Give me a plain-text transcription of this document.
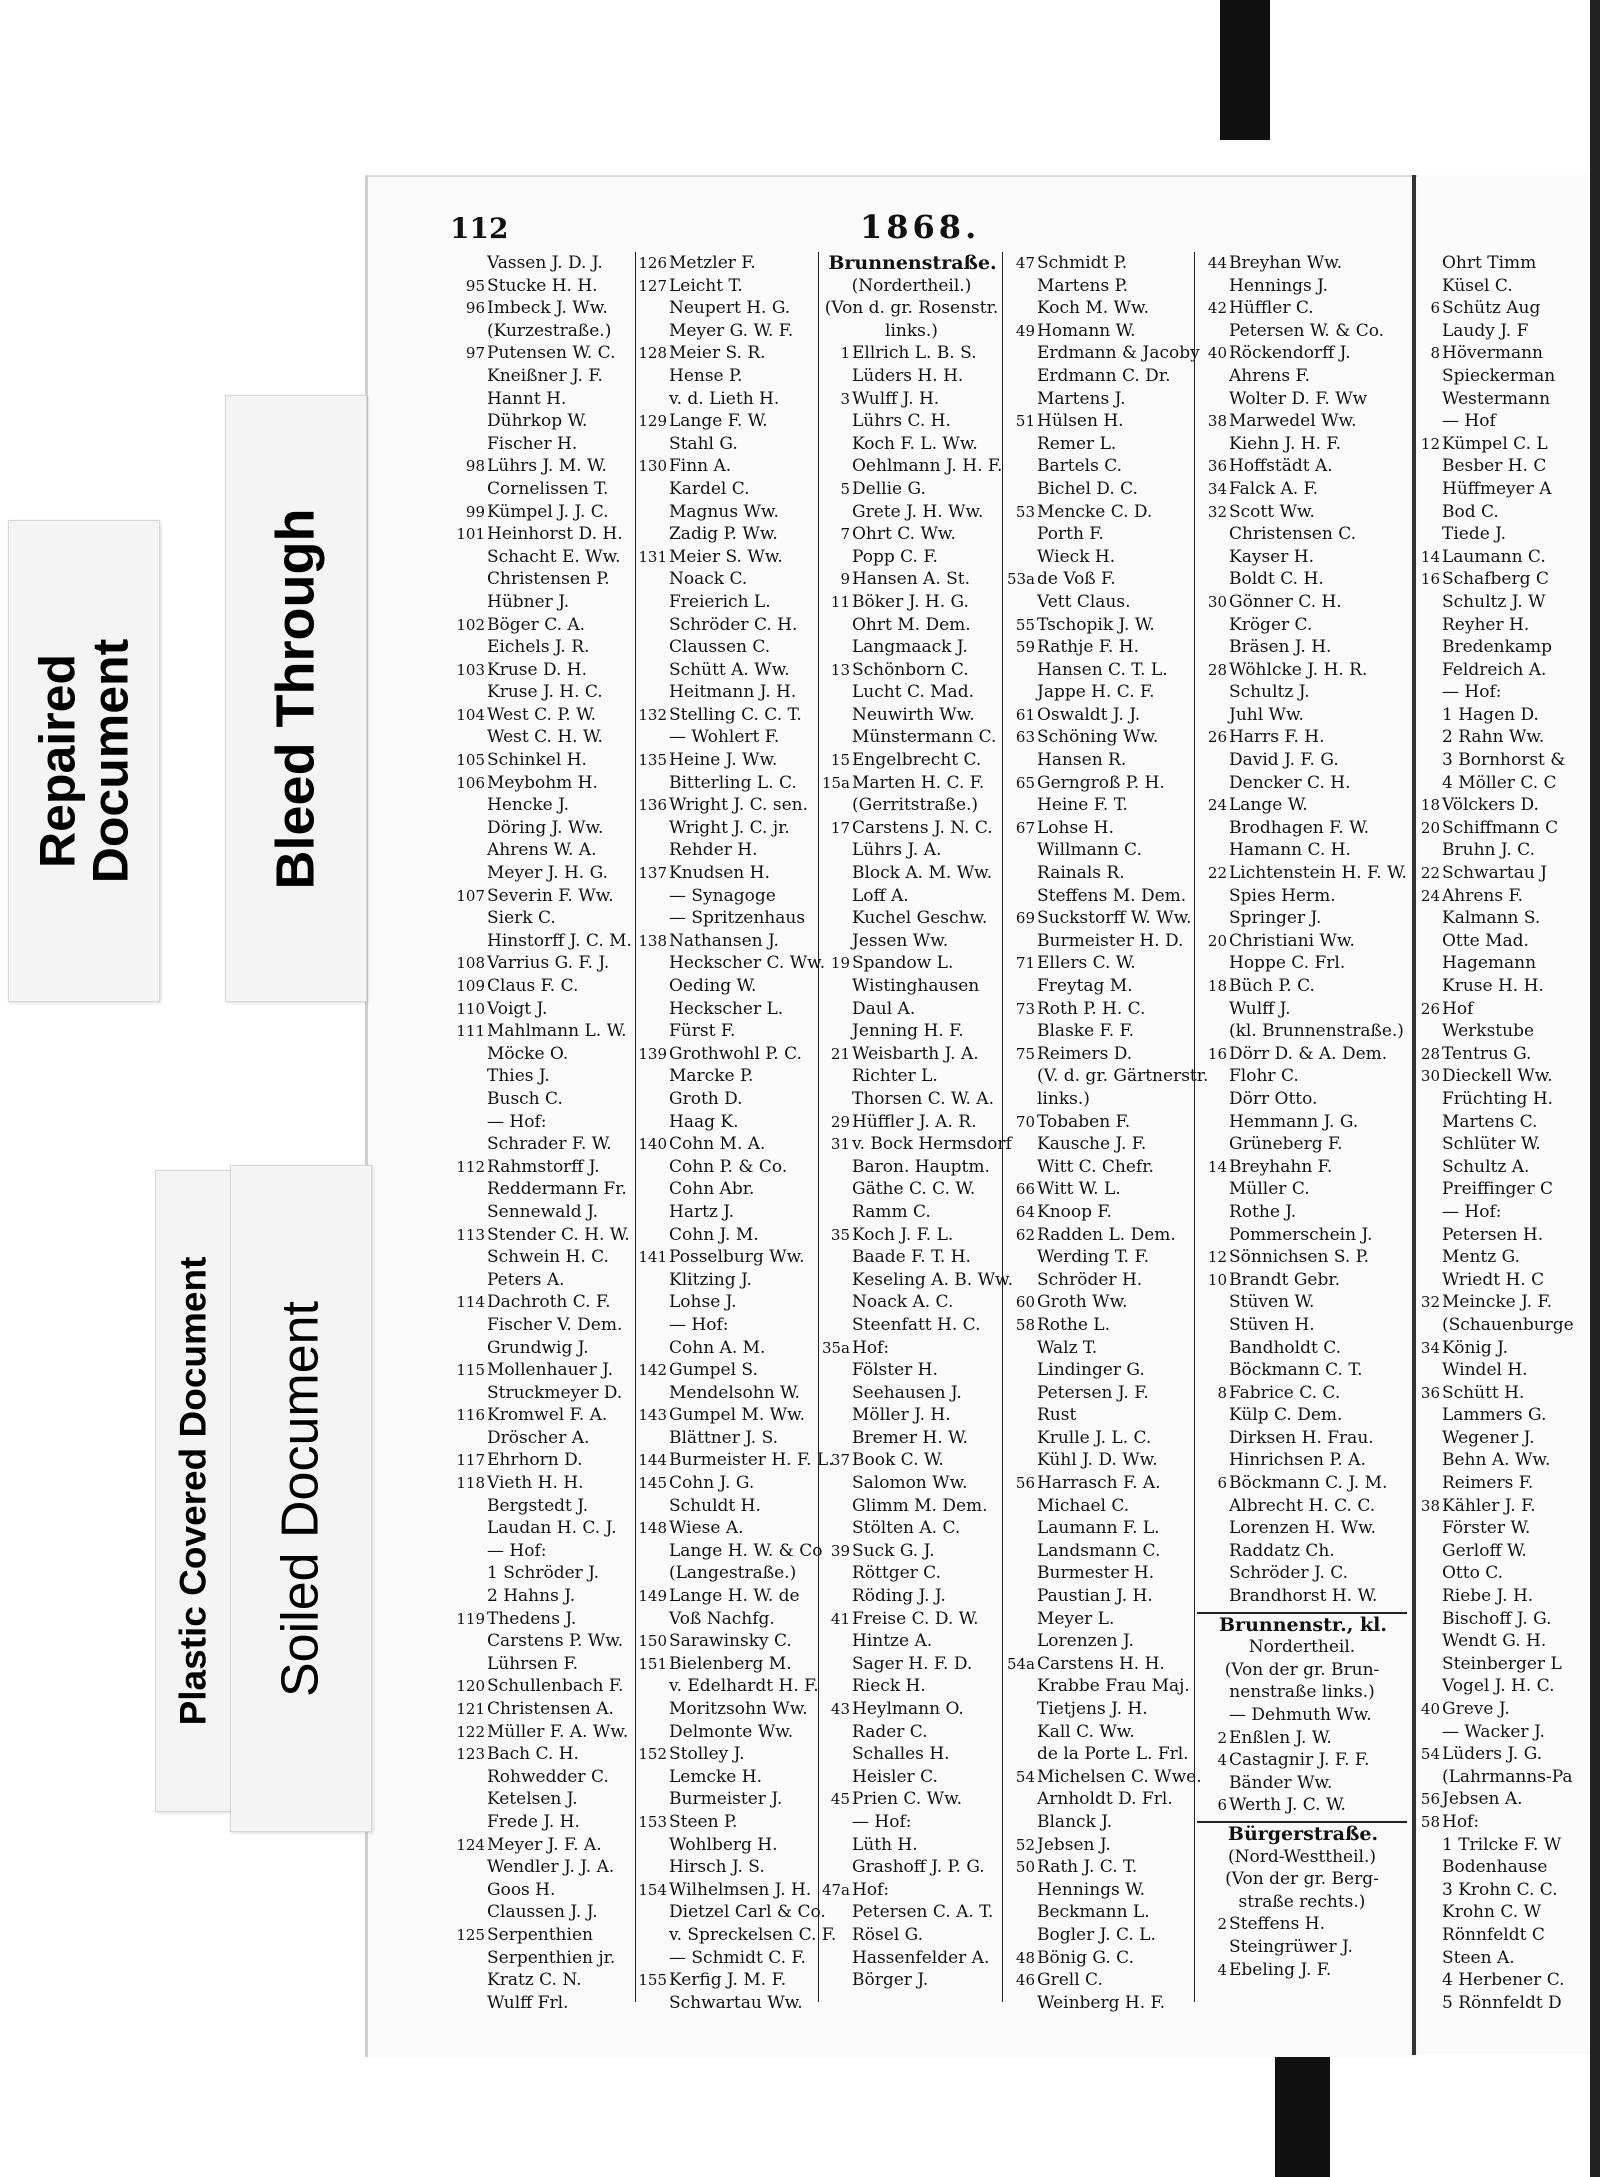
112	1868.
Vassen J. D. J.
95 Stucke H. H.
96 Imbeck J. Ww.
(Kurzestraße.)
97 Putensen W. C.
Kneißner J. F.
Hannt H.
Dührkop W.
Fischer H.
98 Lührs J. M. W.
Cornelissen T.
99 Kümpel J. J. C.
101 Heinhorst D. H.
Schacht E. Ww.
Christensen P.
Hübner J.
102 Böger C. A.
Eichels J. R.
103 Kruse D. H.
Kruse J. H. C.
104 West C. P. W.
West C. H. W.
105 Schinkel H.
106 Meybohm H.
Hencke J.
Döring J. Ww.
Ahrens W. A.
Meyer J. H. G.
107 Severin F. Ww.
Sierk C.
Hinstorff J. C. M.
108 Varrius G. F. J.
109 Claus F. C.
110 Voigt J.
111 Mahlmann L. W.
Möcke O.
Thies J.
Busch C.
— Hof:
Schrader F. W.
112 Rahmstorff J.
Reddermann Fr.
Sennewald J.
113 Stender C. H. W.
Schwein H. C.
Peters A.
114 Dachroth C. F.
Fischer V. Dem.
Grundwig J.
115 Mollenhauer J.
Struckmeyer D.
116 Kromwel F. A.
Dröscher A.
117 Ehrhorn D.
118 Vieth H. H.
Bergstedt J.
Laudan H. C. J.
— Hof:
1 Schröder J.
2 Hahns J.
119 Thedens J.
Carstens P. Ww.
Lührsen F.
120 Schullenbach F.
121 Christensen A.
122 Müller F. A. Ww.
123 Bach C. H.
Rohwedder C.
Ketelsen J.
Frede J. H.
124 Meyer J. F. A.
Wendler J. J. A.
Goos H.
Claussen J. J.
125 Serpenthien
Serpenthien jr.
Kratz C. N.
Wulff Frl.
126 Metzler F.
127 Leicht T.
Neupert H. G.
Meyer G. W. F.
128 Meier S. R.
Hense P.
v. d. Lieth H.
129 Lange F. W.
Stahl G.
130 Finn A.
Kardel C.
Magnus Ww.
Zadig P. Ww.
131 Meier S. Ww.
Noack C.
Freierich L.
Schröder C. H.
Claussen C.
Schütt A. Ww.
Heitmann J. H.
132 Stelling C. C. T.
— Wohlert F.
135 Heine J. Ww.
Bitterling L. C.
136 Wright J. C. sen.
Wright J. C. jr.
Rehder H.
137 Knudsen H.
— Synagoge
— Spritzenhaus
138 Nathansen J.
Heckscher C. Ww.
Oeding W.
Heckscher L.
Fürst F.
139 Grothwohl P. C.
Marcke P.
Groth D.
Haag K.
140 Cohn M. A.
Cohn P. & Co.
Cohn Abr.
Hartz J.
Cohn J. M.
141 Posselburg Ww.
Klitzing J.
Lohse J.
— Hof:
Cohn A. M.
142 Gumpel S.
Mendelsohn W.
143 Gumpel M. Ww.
Blättner J. S.
144 Burmeister H. F. L.
145 Cohn J. G.
Schuldt H.
148 Wiese A.
Lange H. W. & Co
(Langestraße.)
149 Lange H. W. de
Voß Nachfg.
150 Sarawinsky C.
151 Bielenberg M.
v. Edelhardt H. F.
Moritzsohn Ww.
Delmonte Ww.
152 Stolley J.
Lemcke H.
Burmeister J.
153 Steen P.
Wohlberg H.
Hirsch J. S.
154 Wilhelmsen J. H.
Dietzel Carl & Co.
v. Spreckelsen C. F.
— Schmidt C. F.
155 Kerfig J. M. F.
Schwartau Ww.
Brunnenstraße.
(Nordertheil.)
(Von d. gr. Rosenstr.
links.)
1 Ellrich L. B. S.
Lüders H. H.
3 Wulff J. H.
Lührs C. H.
Koch F. L. Ww.
Oehlmann J. H. F.
5 Dellie G.
Grete J. H. Ww.
7 Ohrt C. Ww.
Popp C. F.
9 Hansen A. St.
11 Böker J. H. G.
Ohrt M. Dem.
Langmaack J.
13 Schönborn C.
Lucht C. Mad.
Neuwirth Ww.
Münstermann C.
15 Engelbrecht C.
15a Marten H. C. F.
(Gerritstraße.)
17 Carstens J. N. C.
Lührs J. A.
Block A. M. Ww.
Loff A.
Kuchel Geschw.
Jessen Ww.
19 Spandow L.
Wistinghausen
Daul A.
Jenning H. F.
21 Weisbarth J. A.
Richter L.
Thorsen C. W. A.
29 Hüffler J. A. R.
31 v. Bock Hermsdorf
Baron. Hauptm.
Gäthe C. C. W.
Ramm C.
35 Koch J. F. L.
Baade F. T. H.
Keseling A. B. Ww.
Noack A. C.
Steenfatt H. C.
35a Hof:
Fölster H.
Seehausen J.
Möller J. H.
Bremer H. W.
37 Book C. W.
Salomon Ww.
Glimm M. Dem.
Stölten A. C.
39 Suck G. J.
Röttger C.
Röding J. J.
41 Freise C. D. W.
Hintze A.
Sager H. F. D.
Rieck H.
43 Heylmann O.
Rader C.
Schalles H.
Heisler C.
45 Prien C. Ww.
— Hof:
Lüth H.
Grashoff J. P. G.
47a Hof:
Petersen C. A. T.
Rösel G.
Hassenfelder A.
Börger J.
47 Schmidt P.
Martens P.
Koch M. Ww.
49 Homann W.
Erdmann & Jacoby
Erdmann C. Dr.
Martens J.
51 Hülsen H.
Remer L.
Bartels C.
Bichel D. C.
53 Mencke C. D.
Porth F.
Wieck H.
53a de Voß F.
Vett Claus.
55 Tschopik J. W.
59 Rathje F. H.
Hansen C. T. L.
Jappe H. C. F.
61 Oswaldt J. J.
63 Schöning Ww.
Hansen R.
65 Gerngroß P. H.
Heine F. T.
67 Lohse H.
Willmann C.
Rainals R.
Steffens M. Dem.
69 Suckstorff W. Ww.
Burmeister H. D.
71 Ellers C. W.
Freytag M.
73 Roth P. H. C.
Blaske F. F.
75 Reimers D.
(V. d. gr. Gärtnerstr.
links.)
70 Tobaben F.
Kausche J. F.
Witt C. Chefr.
66 Witt W. L.
64 Knoop F.
62 Radden L. Dem.
Werding T. F.
Schröder H.
60 Groth Ww.
58 Rothe L.
Walz T.
Lindinger G.
Petersen J. F.
Rust
Krulle J. L. C.
Kühl J. D. Ww.
56 Harrasch F. A.
Michael C.
Laumann F. L.
Landsmann C.
Burmester H.
Paustian J. H.
Meyer L.
Lorenzen J.
54a Carstens H. H.
Krabbe Frau Maj.
Tietjens J. H.
Kall C. Ww.
de la Porte L. Frl.
54 Michelsen C. Wwe.
Arnholdt D. Frl.
Blanck J.
52 Jebsen J.
50 Rath J. C. T.
Hennings W.
Beckmann L.
Bogler J. C. L.
48 Bönig G. C.
46 Grell C.
Weinberg H. F.
44 Breyhan Ww.
Hennings J.
42 Hüffler C.
Petersen W. & Co.
40 Röckendorff J.
Ahrens F.
Wolter D. F. Ww
38 Marwedel Ww.
Kiehn J. H. F.
36 Hoffstädt A.
34 Falck A. F.
32 Scott Ww.
Christensen C.
Kayser H.
Boldt C. H.
30 Gönner C. H.
Kröger C.
Bräsen J. H.
28 Wöhlcke J. H. R.
Schultz J.
Juhl Ww.
26 Harrs F. H.
David J. F. G.
Dencker C. H.
24 Lange W.
Brodhagen F. W.
Hamann C. H.
22 Lichtenstein H. F. W.
Spies Herm.
Springer J.
20 Christiani Ww.
Hoppe C. Frl.
18 Büch P. C.
Wulff J.
(kl. Brunnenstraße.)
16 Dörr D. & A. Dem.
Flohr C.
Dörr Otto.
Hemmann J. G.
Grüneberg F.
14 Breyhahn F.
Müller C.
Rothe J.
Pommerschein J.
12 Sönnichsen S. P.
10 Brandt Gebr.
Stüven W.
Stüven H.
Bandholdt C.
Böckmann C. T.
8 Fabrice C. C.
Külp C. Dem.
Dirksen H. Frau.
Hinrichsen P. A.
6 Böckmann C. J. M.
Albrecht H. C. C.
Lorenzen H. Ww.
Raddatz Ch.
Schröder J. C.
Brandhorst H. W.
Brunnenstr., kl.
Nordertheil.
(Von der gr. Brun-
nenstraße links.)
— Dehmuth Ww.
2 Enßlen J. W.
4 Castagnir J. F. F.
Bänder Ww.
6 Werth J. C. W.
Bürgerstraße.
(Nord-Westtheil.)
(Von der gr. Berg-
straße rechts.)
2 Steffens H.
Steingrüwer J.
4 Ebeling J. F.
Ohrt Timm
Küsel C.
6 Schütz Aug
Laudy J. F
8 Hövermann
Spieckerman
Westermann
— Hof
12 Kümpel C. L
Besber H. C
Hüffmeyer A
Bod C.
Tiede J.
14 Laumann C.
16 Schafberg C
Schultz J. W
Reyher H.
Bredenkamp
Feldreich A.
— Hof:
1 Hagen D.
2 Rahn Ww.
3 Bornhorst &
4 Möller C. C
18 Völckers D.
20 Schiffmann C
Bruhn J. C.
22 Schwartau J
24 Ahrens F.
Kalmann S.
Otte Mad.
Hagemann
Kruse H. H.
26 Hof
Werkstube
28 Tentrus G.
30 Dieckell Ww.
Früchting H.
Martens C.
Schlüter W.
Schultz A.
Preiffinger C
— Hof:
Petersen H.
Mentz G.
Wriedt H. C
32 Meincke J. F.
(Schauenburge
34 König J.
Windel H.
36 Schütt H.
Lammers G.
Wegener J.
Behn A. Ww.
Reimers F.
38 Kähler J. F.
Förster W.
Gerloff W.
Otto C.
Riebe J. H.
Bischoff J. G.
Wendt G. H.
Steinberger L
Vogel J. H. C.
40 Greve J.
— Wacker J.
54 Lüders J. G.
(Lahrmanns-Pa
56 Jebsen A.
58 Hof:
1 Trilcke F. W
Bodenhause
3 Krohn C. C.
Krohn C. W
Rönnfeldt C
Steen A.
4 Herbener C.
5 Rönnfeldt D
Repaired
Document Bleed Through
Plastic Covered Document Soiled Document
